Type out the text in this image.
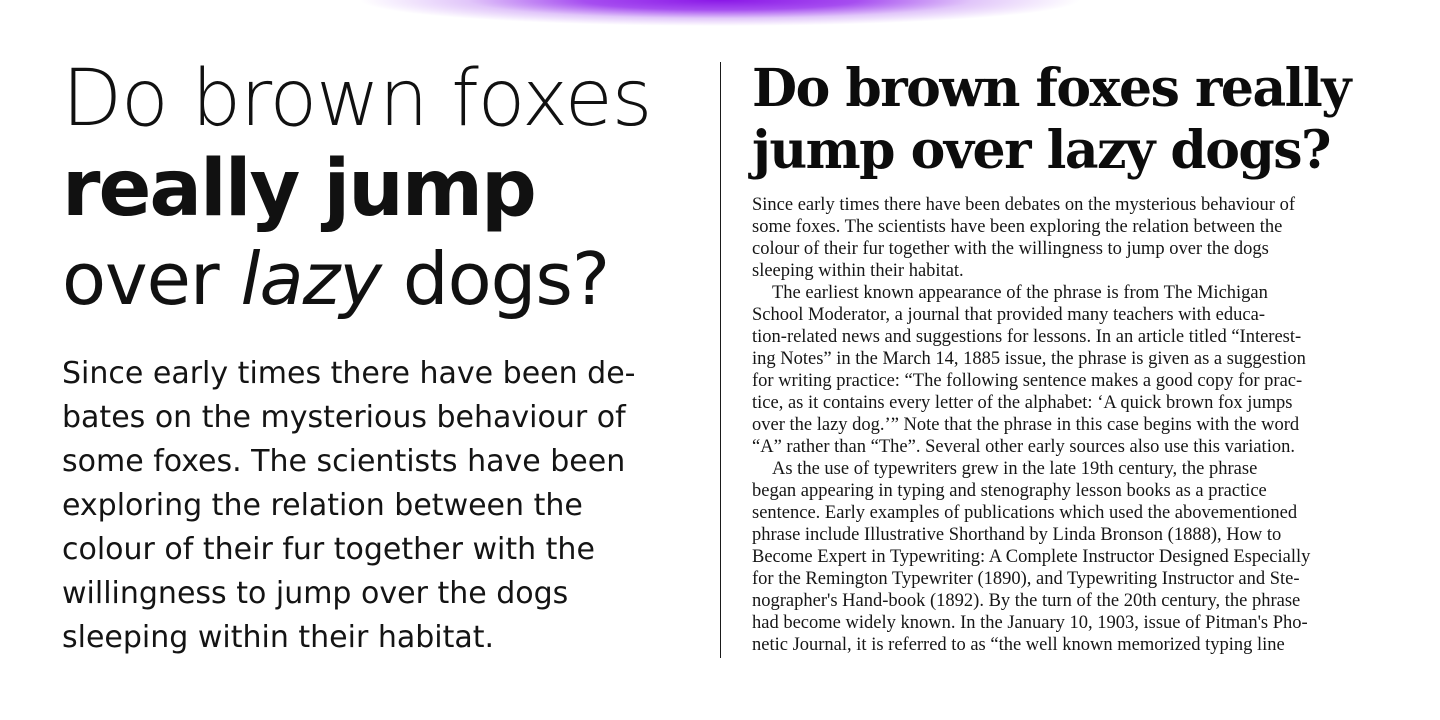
Do brown foxes
really jump
over lazy dogs?

Since early times there have been de-
bates on the mysterious behaviour of
some foxes. The scientists have been
exploring the relation between the
colour of their fur together with the
willingness to jump over the dogs
sleeping within their habitat.

Do brown foxes really
jump over lazy dogs?

Since early times there have been debates on the mysterious behaviour of
some foxes. The scientists have been exploring the relation between the
colour of their fur together with the willingness to jump over the dogs
sleeping within their habitat.

The earliest known appearance of the phrase is from The Michigan
School Moderator, a journal that provided many teachers with educa-
tion-related news and suggestions for lessons. In an article titled “Interest-
ing Notes” in the March 14, 1885 issue, the phrase is given as a suggestion
for writing practice: “The following sentence makes a good copy for prac-
tice, as it contains every letter of the alphabet: ‘A quick brown fox jumps
over the lazy dog.’” Note that the phrase in this case begins with the word
“A” rather than “The”. Several other early sources also use this variation.

As the use of typewriters grew in the late 19th century, the phrase
began appearing in typing and stenography lesson books as a practice
sentence. Early examples of publications which used the abovementioned
phrase include Illustrative Shorthand by Linda Bronson (1888), How to
Become Expert in Typewriting: A Complete Instructor Designed Especially
for the Remington Typewriter (1890), and Typewriting Instructor and Ste-
nographer's Hand-book (1892). By the turn of the 20th century, the phrase
had become widely known. In the January 10, 1903, issue of Pitman's Pho-
netic Journal, it is referred to as “the well known memorized typing line
